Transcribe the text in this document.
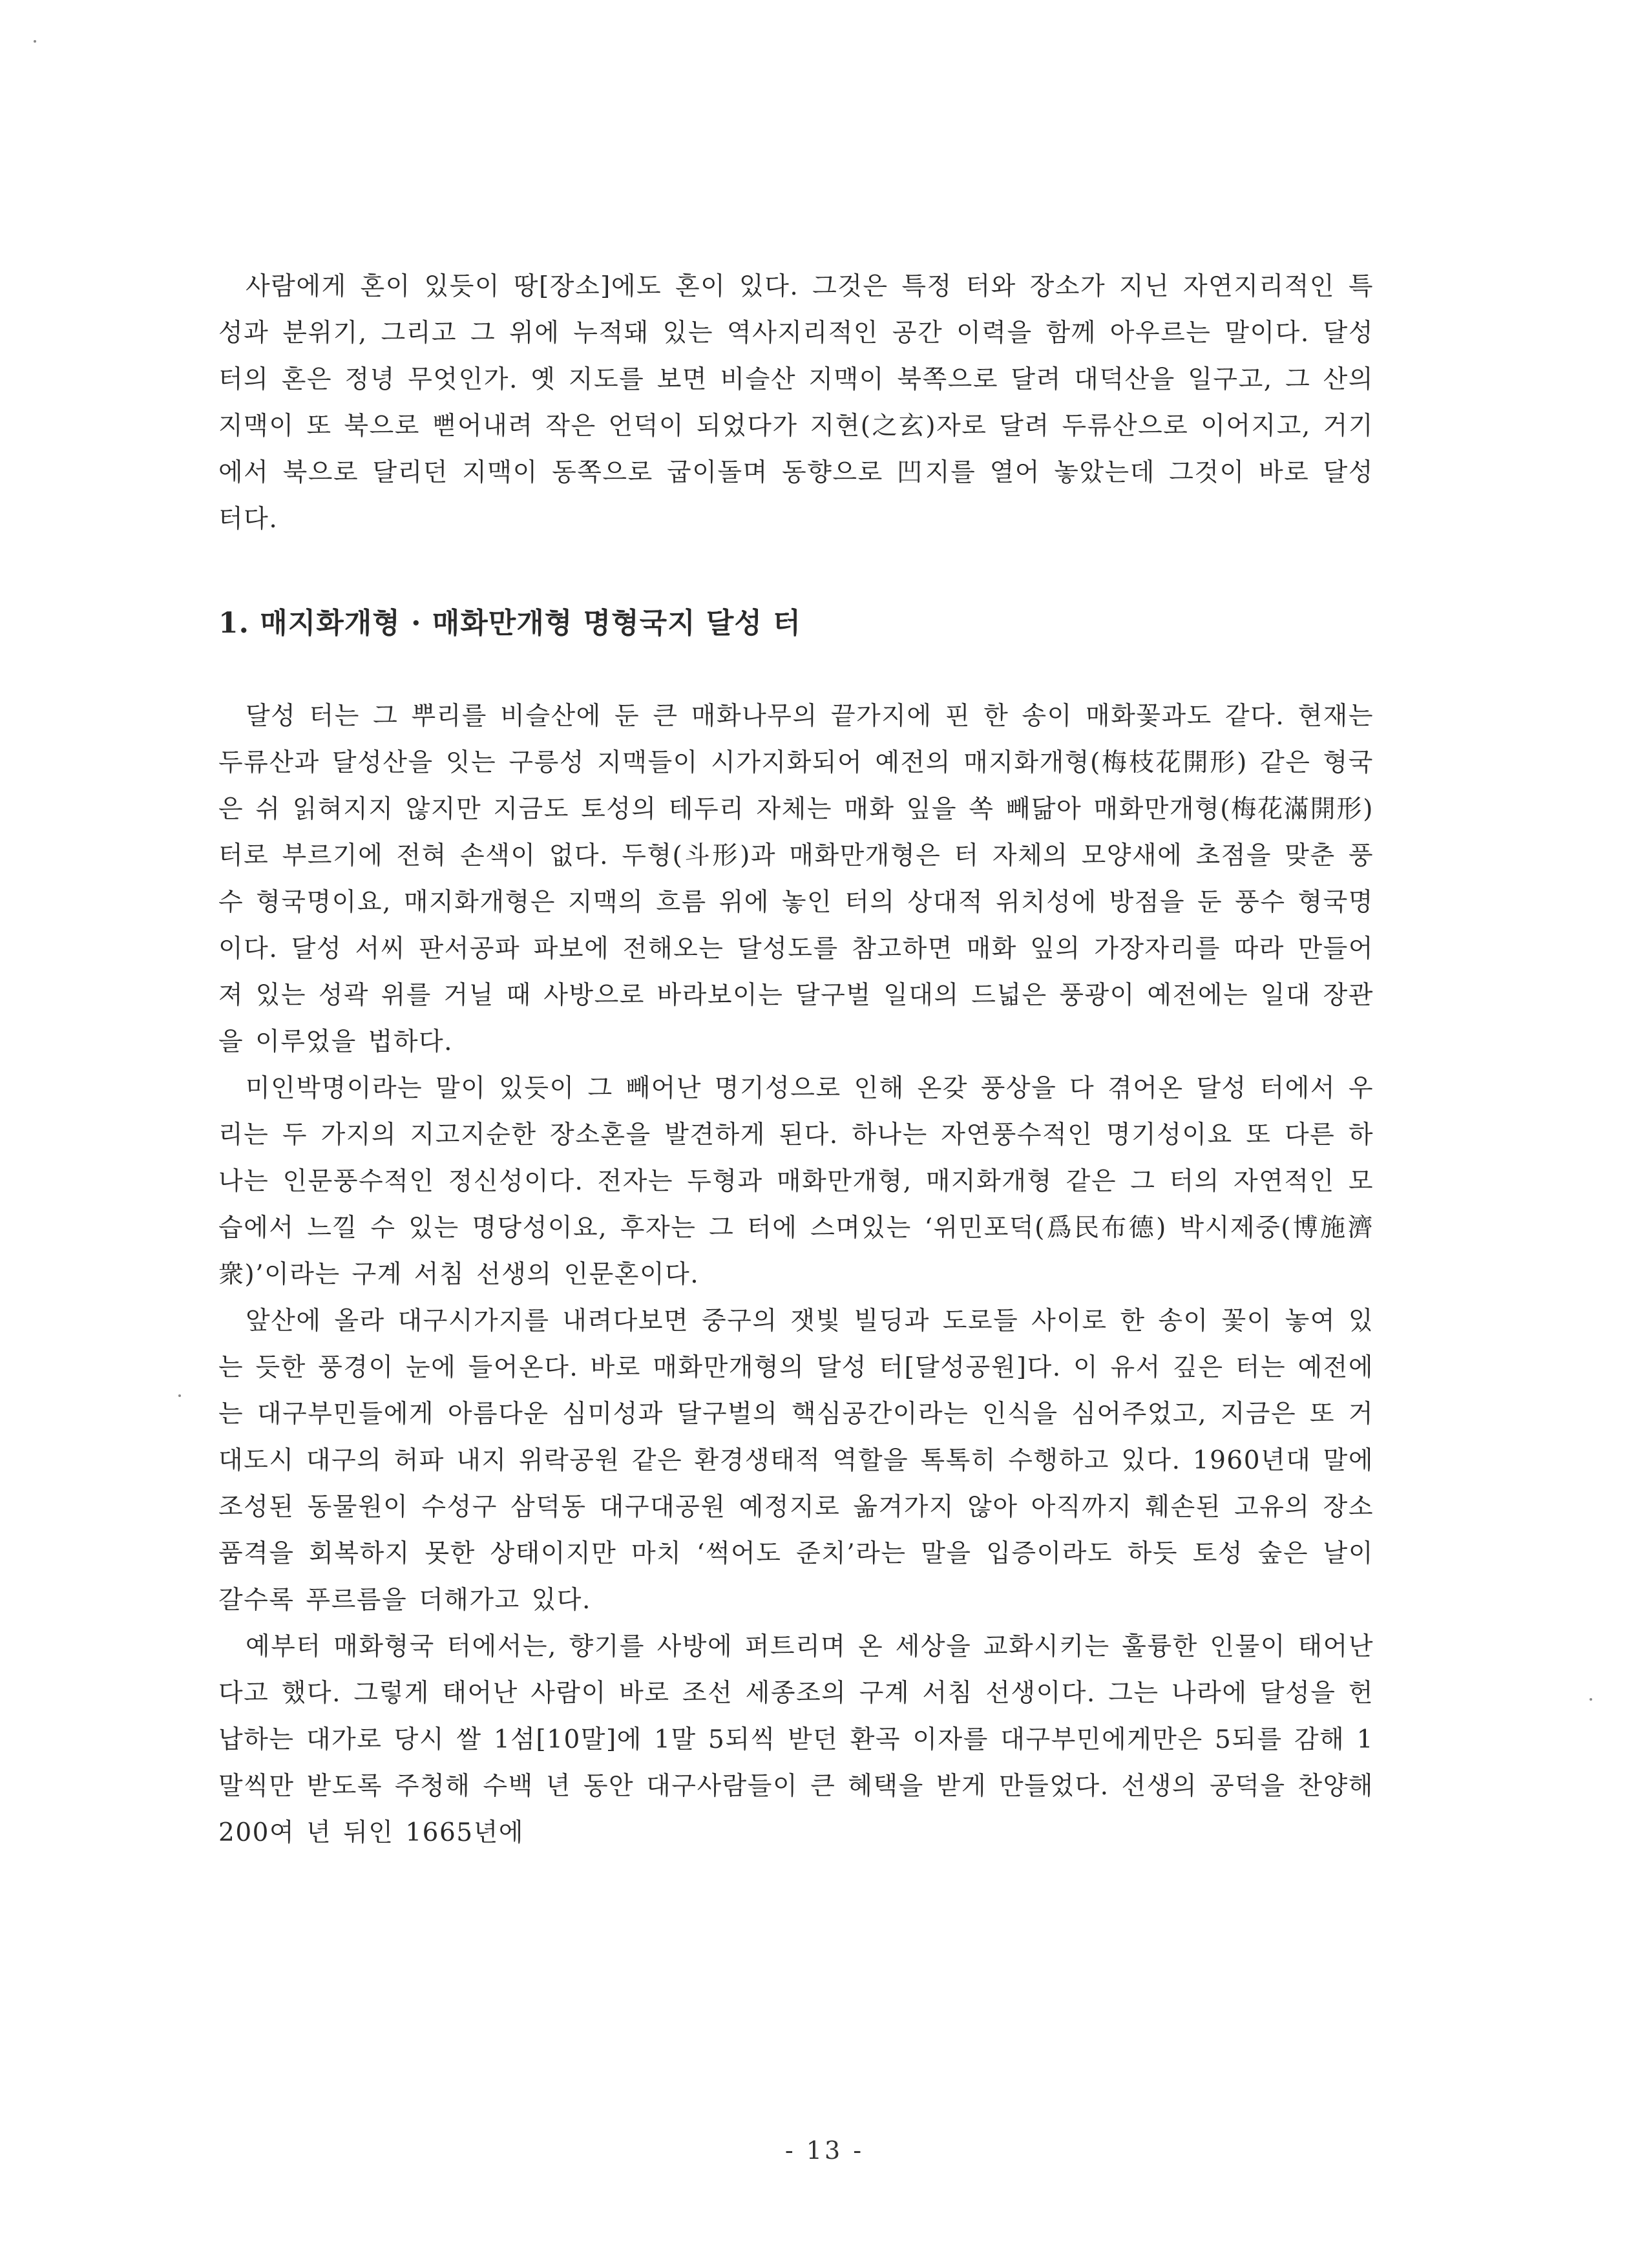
사람에게 혼이 있듯이 땅[장소]에도 혼이 있다. 그것은 특정 터와 장소가 지닌 자연지리적인 특성과 분위기, 그리고 그 위에 누적돼 있는 역사지리적인 공간 이력을 함께 아우르는 말이다. 달성 터의 혼은 정녕 무엇인가. 옛 지도를 보면 비슬산 지맥이 북쪽으로 달려 대덕산을 일구고, 그 산의 지맥이 또 북으로 뻗어내려 작은 언덕이 되었다가 지현(之玄)자로 달려 두류산으로 이어지고, 거기에서 북으로 달리던 지맥이 동쪽으로 굽이돌며 동향으로 凹지를 열어 놓았는데 그것이 바로 달성 터다.

1. 매지화개형 · 매화만개형 명형국지 달성 터

달성 터는 그 뿌리를 비슬산에 둔 큰 매화나무의 끝가지에 핀 한 송이 매화꽃과도 같다. 현재는 두류산과 달성산을 잇는 구릉성 지맥들이 시가지화되어 예전의 매지화개형(梅枝花開形) 같은 형국은 쉬 읽혀지지 않지만 지금도 토성의 테두리 자체는 매화 잎을 쏙 빼닮아 매화만개형(梅花滿開形) 터로 부르기에 전혀 손색이 없다. 두형(斗形)과 매화만개형은 터 자체의 모양새에 초점을 맞춘 풍수 형국명이요, 매지화개형은 지맥의 흐름 위에 놓인 터의 상대적 위치성에 방점을 둔 풍수 형국명이다. 달성 서씨 판서공파 파보에 전해오는 달성도를 참고하면 매화 잎의 가장자리를 따라 만들어져 있는 성곽 위를 거닐 때 사방으로 바라보이는 달구벌 일대의 드넓은 풍광이 예전에는 일대 장관을 이루었을 법하다.

미인박명이라는 말이 있듯이 그 빼어난 명기성으로 인해 온갖 풍상을 다 겪어온 달성 터에서 우리는 두 가지의 지고지순한 장소혼을 발견하게 된다. 하나는 자연풍수적인 명기성이요 또 다른 하나는 인문풍수적인 정신성이다. 전자는 두형과 매화만개형, 매지화개형 같은 그 터의 자연적인 모습에서 느낄 수 있는 명당성이요, 후자는 그 터에 스며있는 ‘위민포덕(爲民布德) 박시제중(博施濟衆)’이라는 구계 서침 선생의 인문혼이다.

앞산에 올라 대구시가지를 내려다보면 중구의 잿빛 빌딩과 도로들 사이로 한 송이 꽃이 놓여 있는 듯한 풍경이 눈에 들어온다. 바로 매화만개형의 달성 터[달성공원]다. 이 유서 깊은 터는 예전에는 대구부민들에게 아름다운 심미성과 달구벌의 핵심공간이라는 인식을 심어주었고, 지금은 또 거대도시 대구의 허파 내지 위락공원 같은 환경생태적 역할을 톡톡히 수행하고 있다. 1960년대 말에 조성된 동물원이 수성구 삼덕동 대구대공원 예정지로 옮겨가지 않아 아직까지 훼손된 고유의 장소 품격을 회복하지 못한 상태이지만 마치 ‘썩어도 준치’라는 말을 입증이라도 하듯 토성 숲은 날이 갈수록 푸르름을 더해가고 있다.

예부터 매화형국 터에서는, 향기를 사방에 퍼트리며 온 세상을 교화시키는 훌륭한 인물이 태어난다고 했다. 그렇게 태어난 사람이 바로 조선 세종조의 구계 서침 선생이다. 그는 나라에 달성을 헌납하는 대가로 당시 쌀 1섬[10말]에 1말 5되씩 받던 환곡 이자를 대구부민에게만은 5되를 감해 1말씩만 받도록 주청해 수백 년 동안 대구사람들이 큰 혜택을 받게 만들었다. 선생의 공덕을 찬양해 200여 년 뒤인 1665년에

- 13 -
